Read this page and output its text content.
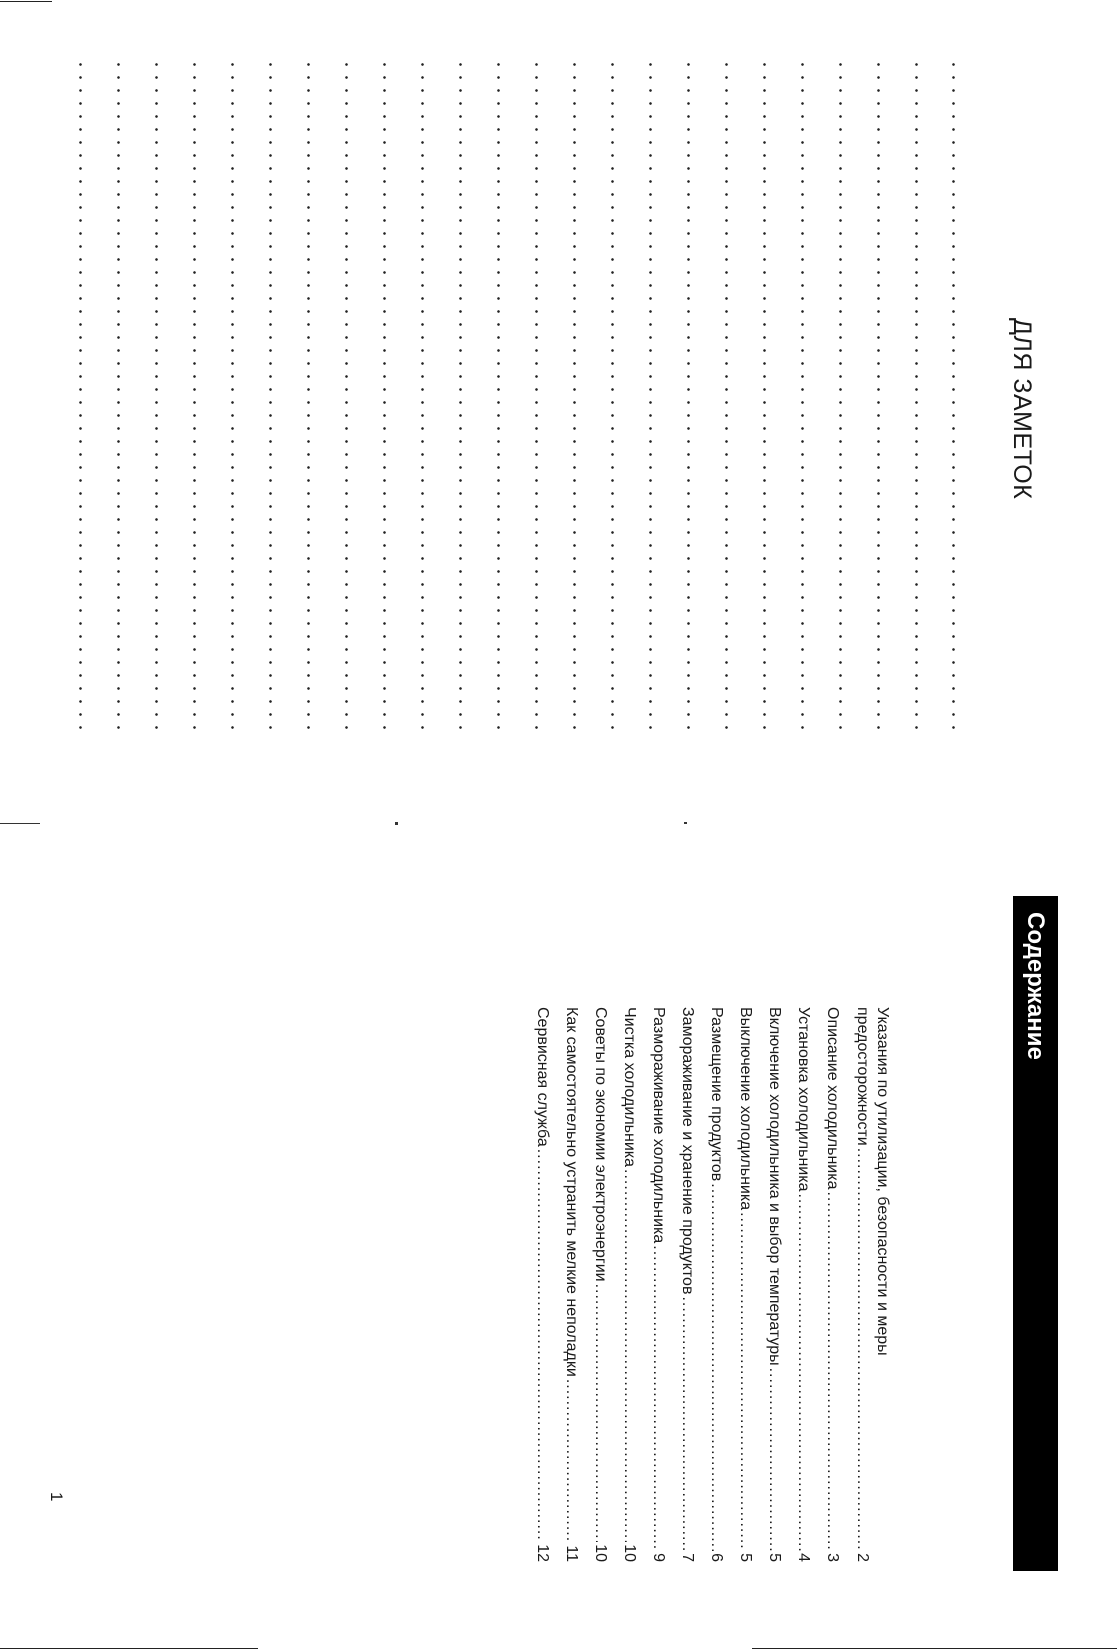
ДЛЯ ЗАМЕТОК
Содержание
Указания по утилизации, безопасности и меры
предосторожности
.....
2
Описание холодильника
.....
3
Установка холодильника
.....
4
Включение холодильника и выбор температуры
.....
5
Выключение холодильника
.....
5
Размещение продуктов
.....
6
Замораживание и хранение продуктов
.....
7
Размораживание холодильника
.....
9
Чистка холодильника
.....
10
Советы по экономии электроэнергии
.....
10
Как самостоятельно устранить мелкие неполадки
.....
11
Сервисная служба
.....
12
1
